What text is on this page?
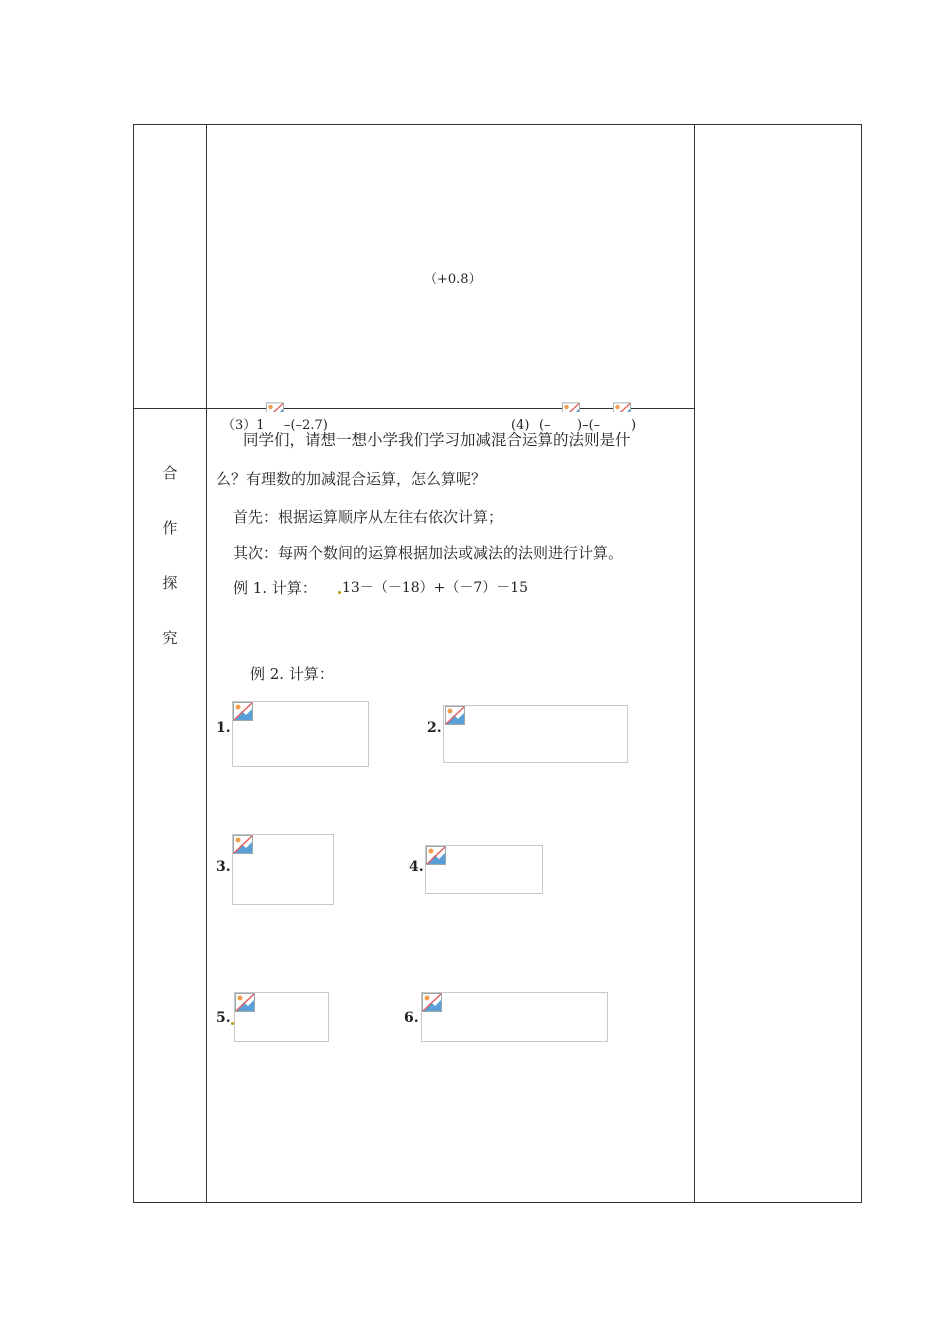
（+0.8）
（3）1 –(–2.7)	(4) (– )–(– )
合
作
探
究
同学们，请想一想小学我们学习加减混合运算的法则是什
么？有理数的加减混合运算，怎么算呢？
首先：根据运算顺序从左往右依次计算；
其次：每两个数间的运算根据加法或减法的法则进行计算。
例 1. 计算： 13－（－18）+（－7）－15
例 2. 计算：
1.	2.
3.	4.
5.	6.
